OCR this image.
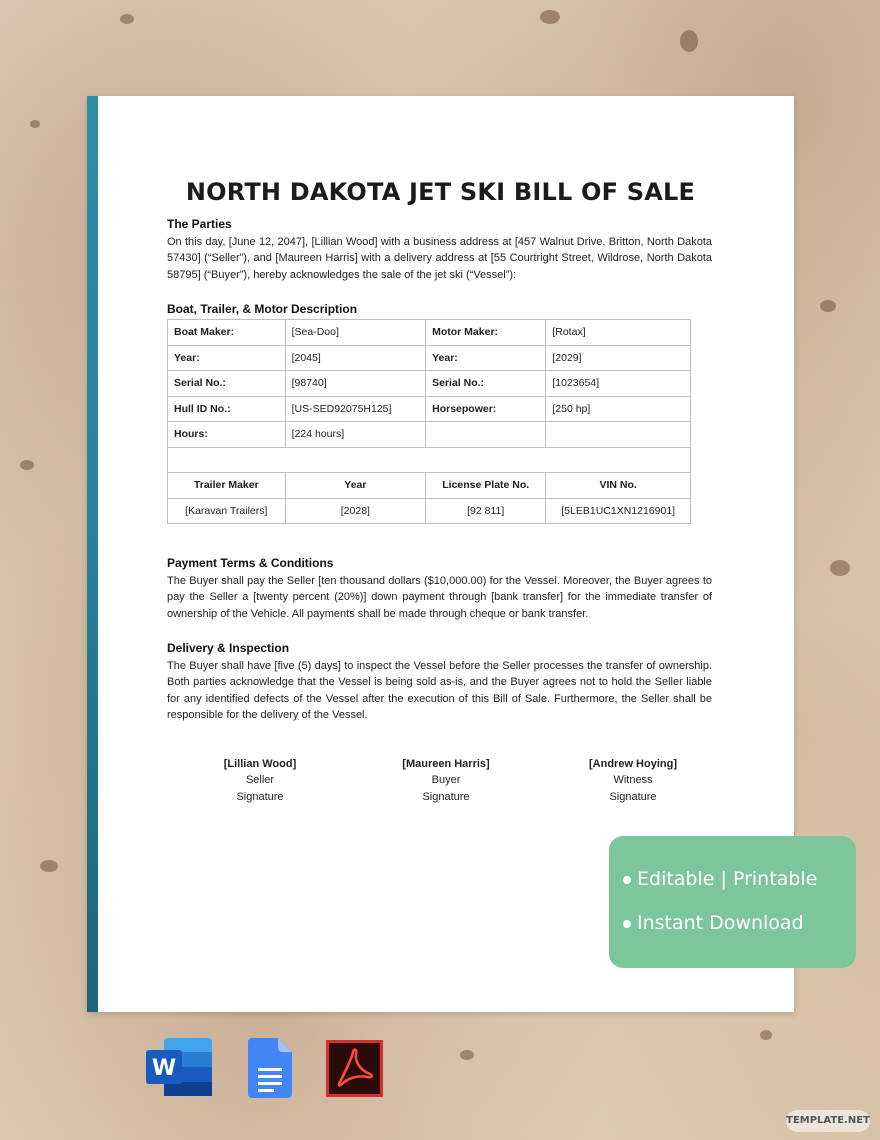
NORTH DAKOTA JET SKI BILL OF SALE
The Parties

On this day, [June 12, 2047], [Lillian Wood] with a business address at [457 Walnut Drive, Britton, North Dakota 57430] (“Seller”), and [Maureen Harris] with a delivery address at [55 Courtright Street, Wildrose, North Dakota 58795] (“Buyer”), hereby acknowledges the sale of the jet ski (“Vessel”):

Boat, Trailer, & Motor Description
Boat Maker:	[Sea-Doo]	Motor Maker:	[Rotax]
Year:	[2045]	Year:	[2029]
Serial No.:	[98740]	Serial No.:	[1023654]
Hull ID No.:	[US-SED92075H125]	Horsepower:	[250 hp]
Hours:	[224 hours]		

Trailer Maker	Year	License Plate No.	VIN No.
[Karavan Trailers]	[2028]	[92 811]	[5LEB1UC1XN1216901]
Payment Terms & Conditions

The Buyer shall pay the Seller [ten thousand dollars ($10,000.00) for the Vessel. Moreover, the Buyer agrees to pay the Seller a [twenty percent (20%)] down payment through [bank transfer] for the immediate transfer of ownership of the Vehicle. All payments shall be made through cheque or bank transfer.

Delivery & Inspection

The Buyer shall have [five (5) days] to inspect the Vessel before the Seller processes the transfer of ownership. Both parties acknowledge that the Vessel is being sold as-is, and the Buyer agrees not to hold the Seller liable for any identified defects of the Vessel after the execution of this Bill of Sale. Furthermore, the Seller shall be responsible for the delivery of the Vessel.

[Lillian Wood]
Seller
Signature
[Maureen Harris]
Buyer
Signature
[Andrew Hoying]
Witness
Signature
Editable | Printable
Instant Download
W
TEMPLATE.NET
